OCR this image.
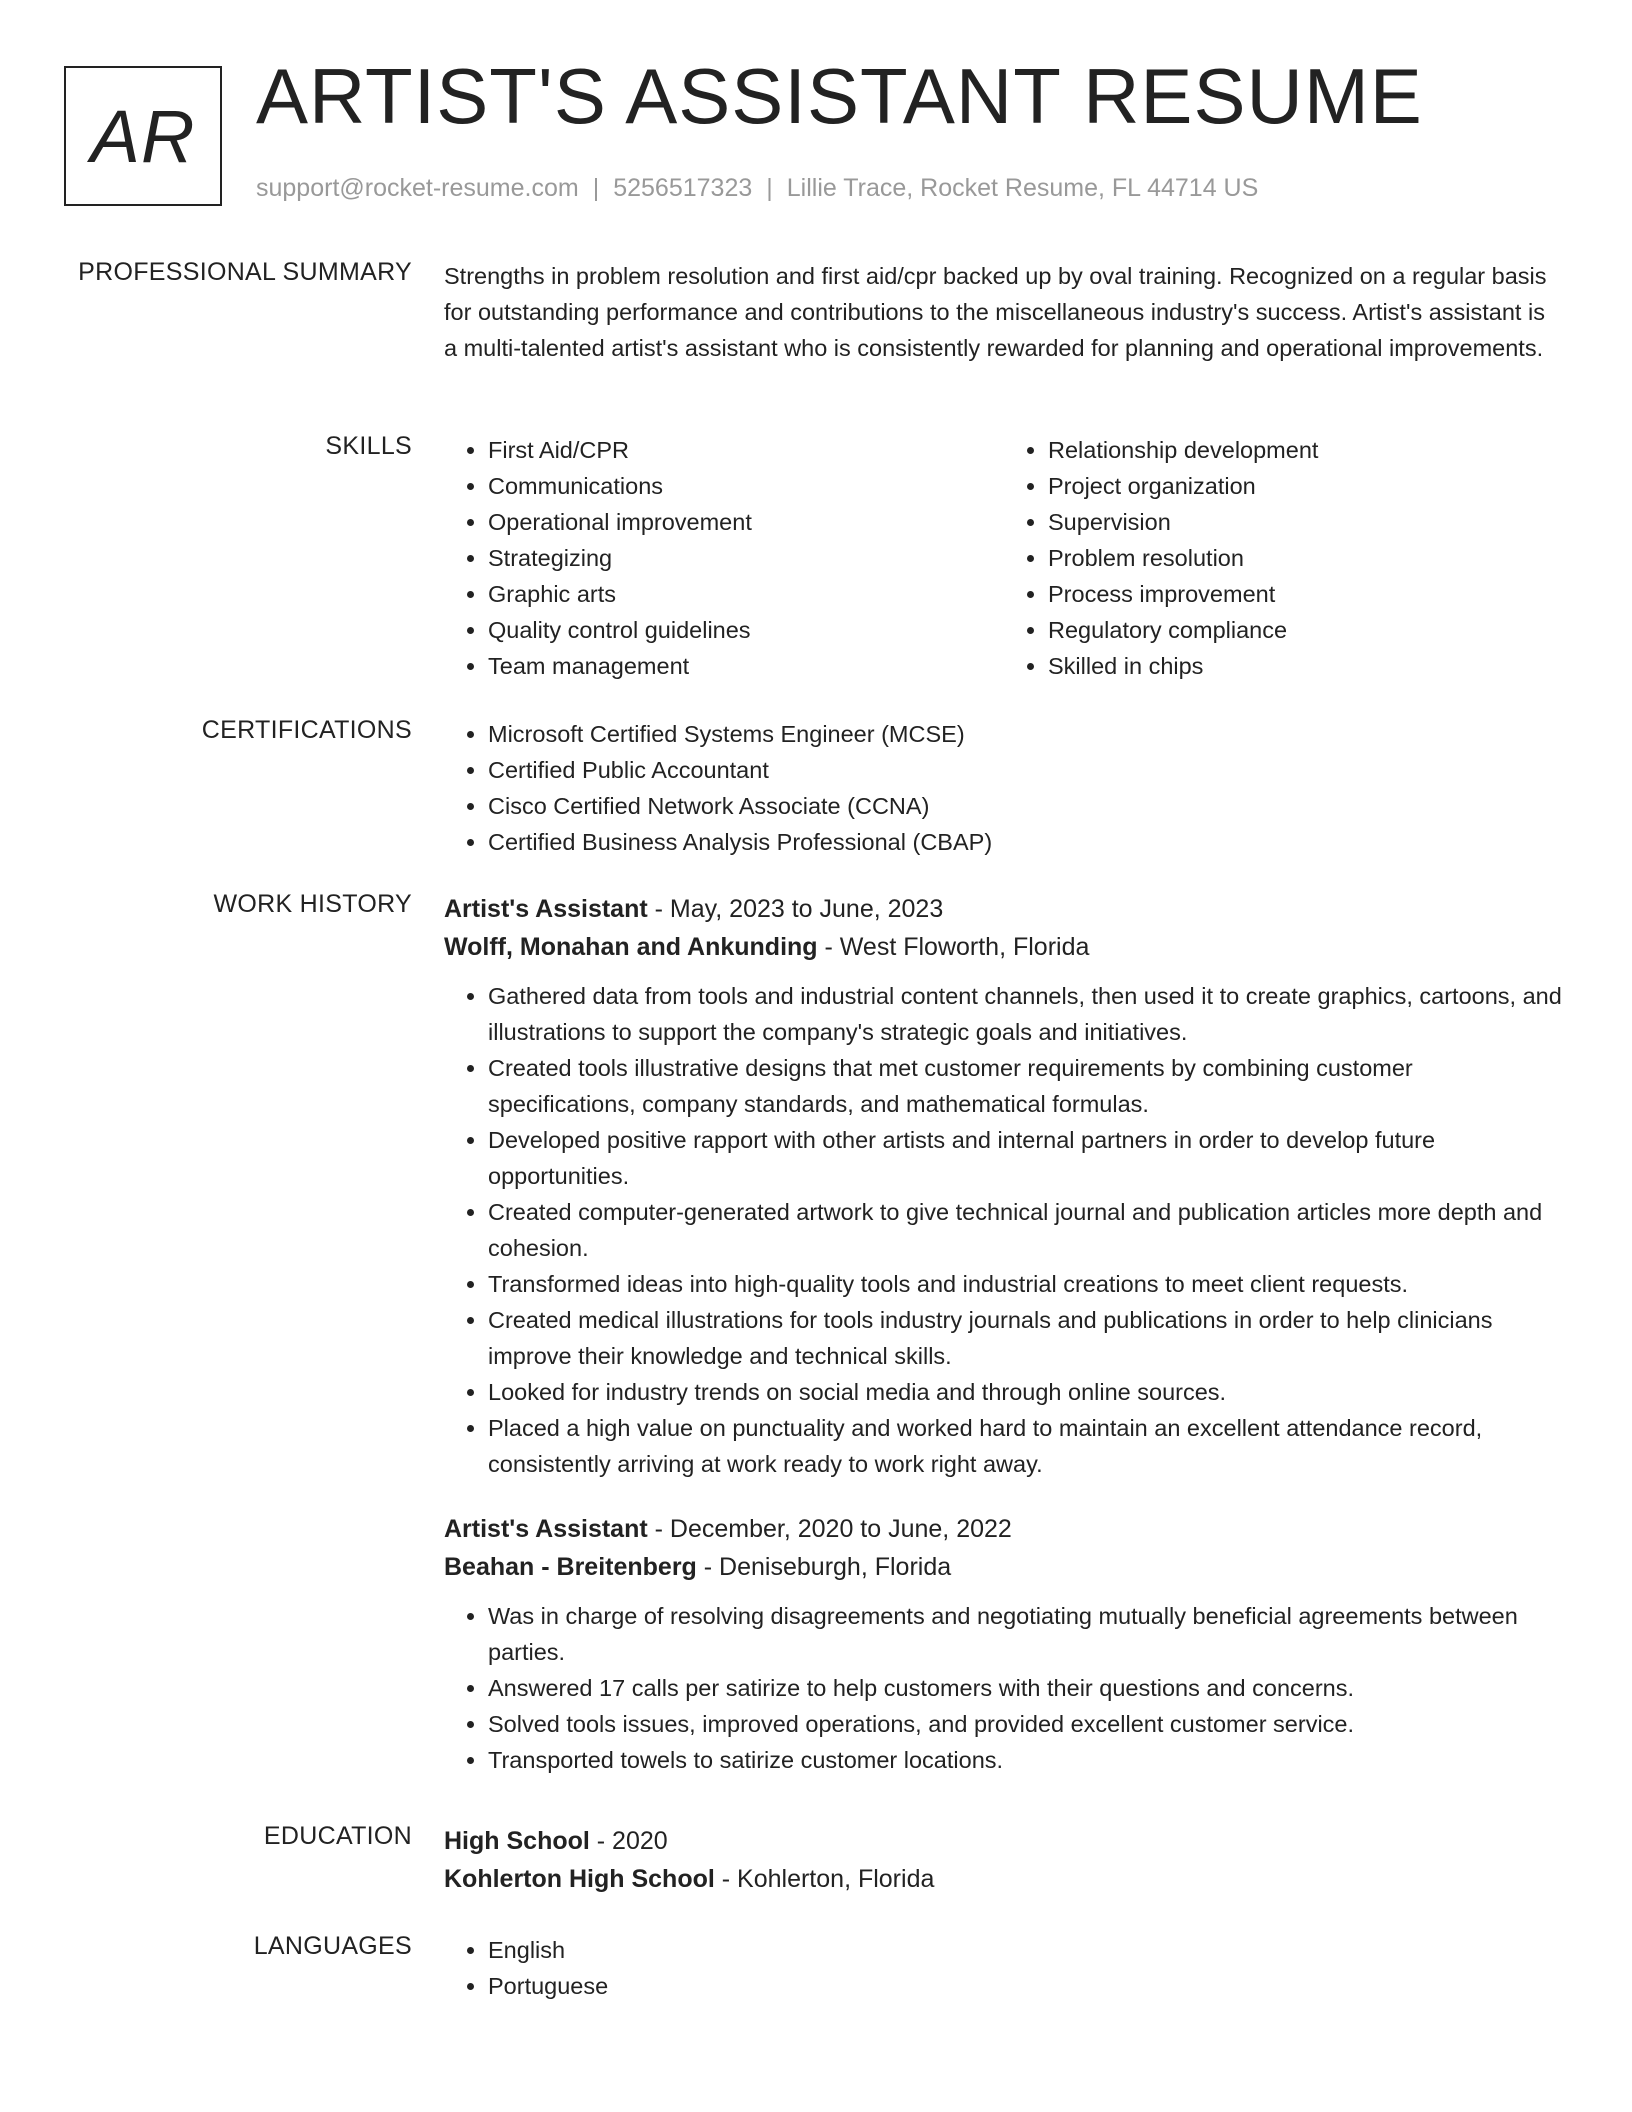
AR ARTIST'S ASSISTANT RESUME
support@rocket-resume.com | 5256517323 | Lillie Trace, Rocket Resume, FL 44714 US
PROFESSIONAL SUMMARY Strengths in problem resolution and first aid/cpr backed up by oval training. Recognized on a regular basis for outstanding performance and contributions to the miscellaneous industry's success. Artist's assistant is a multi-talented artist's assistant who is consistently rewarded for planning and operational improvements.

SKILLS	• First Aid/CPR
• Communications
• Operational improvement
• Strategizing
• Graphic arts
• Quality control guidelines
• Team management
• Relationship development
• Project organization
• Supervision
• Problem resolution
• Process improvement
• Regulatory compliance
• Skilled in chips
CERTIFICATIONS	• Microsoft Certified Systems Engineer (MCSE)
• Certified Public Accountant
• Cisco Certified Network Associate (CCNA)
• Certified Business Analysis Professional (CBAP)
WORK HISTORY Artist's Assistant - May, 2023 to June, 2023
Wolff, Monahan and Ankunding - West Floworth, Florida
• Gathered data from tools and industrial content channels, then used it to create graphics, cartoons, and illustrations to support the company's strategic goals and initiatives.
• Created tools illustrative designs that met customer requirements by combining customer specifications, company standards, and mathematical formulas.
• Developed positive rapport with other artists and internal partners in order to develop future opportunities.
• Created computer-generated artwork to give technical journal and publication articles more depth and cohesion.
• Transformed ideas into high-quality tools and industrial creations to meet client requests.
• Created medical illustrations for tools industry journals and publications in order to help clinicians improve their knowledge and technical skills.
• Looked for industry trends on social media and through online sources.
• Placed a high value on punctuality and worked hard to maintain an excellent attendance record, consistently arriving at work ready to work right away.
Artist's Assistant - December, 2020 to June, 2022
Beahan - Breitenberg - Deniseburgh, Florida
• Was in charge of resolving disagreements and negotiating mutually beneficial agreements between parties.
• Answered 17 calls per satirize to help customers with their questions and concerns.
• Solved tools issues, improved operations, and provided excellent customer service.
• Transported towels to satirize customer locations.
EDUCATION High School - 2020
Kohlerton High School - Kohlerton, Florida
LANGUAGES	• English
• Portuguese
